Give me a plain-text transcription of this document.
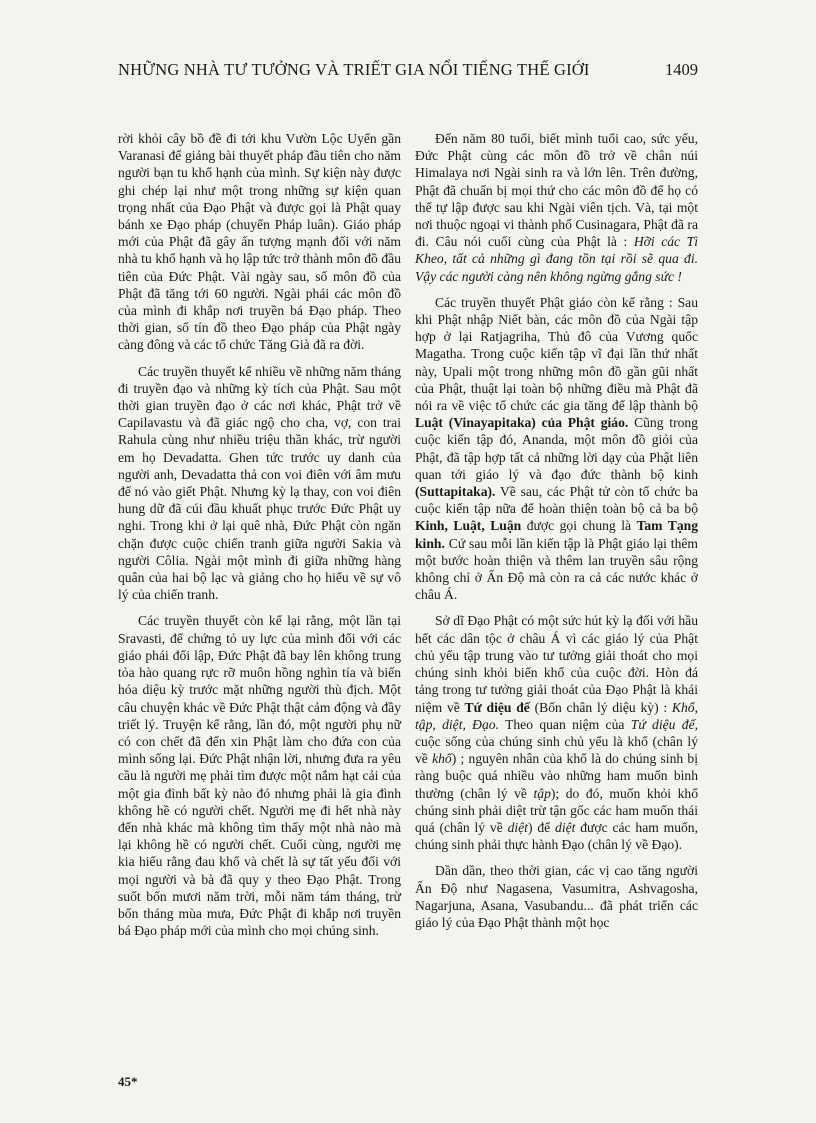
NHỮNG NHÀ TƯ TƯỞNG VÀ TRIẾT GIA NỔI TIẾNG THẾ GIỚI	1409

rời khỏi cây bồ đề đi tới khu Vườn Lộc Uyển gần Varanasi để giảng bài thuyết pháp đầu tiên cho năm người bạn tu khổ hạnh của mình. Sự kiện này được ghi chép lại như một trong những sự kiện quan trọng nhất của Đạo Phật và được gọi là Phật quay bánh xe Đạo pháp (chuyển Pháp luân). Giáo pháp mới của Phật đã gây ấn tượng mạnh đối với năm nhà tu khổ hạnh và họ lập tức trở thành môn đồ đầu tiên của Đức Phật. Vài ngày sau, số môn đồ của Phật đã tăng tới 60 người. Ngài phái các môn đồ của mình đi khắp nơi truyền bá Đạo pháp. Theo thời gian, số tín đồ theo Đạo pháp của Phật ngày càng đông và các tổ chức Tăng Già đã ra đời.

Các truyền thuyết kể nhiều về những năm tháng đi truyền đạo và những kỳ tích của Phật. Sau một thời gian truyền đạo ở các nơi khác, Phật trở về Capilavastu và đã giác ngộ cho cha, vợ, con trai Rahula cùng như nhiều triệu thần khác, trừ người em họ Devadatta. Ghen tức trước uy danh của người anh, Devadatta thả con voi điên với âm mưu để nó vào giết Phật. Nhưng kỳ lạ thay, con voi điên hung dữ đã cúi đầu khuất phục trước Đức Phật uy nghi. Trong khi ở lại quê nhà, Đức Phật còn ngăn chặn được cuộc chiến tranh giữa người Sakia và người Côlia. Ngài một mình đi giữa những hàng quân của hai bộ lạc và giảng cho họ hiểu về sự vô lý của chiến tranh.

Các truyền thuyết còn kể lại rằng, một lần tại Sravasti, để chứng tỏ uy lực của mình đối với các giáo phái đối lập, Đức Phật đã bay lên không trung tỏa hào quang rực rỡ muôn hồng nghìn tía và biến hóa diệu kỳ trước mặt những người thù địch. Một câu chuyện khác về Đức Phật thật cảm động và đầy triết lý. Truyện kể rằng, lần đó, một người phụ nữ có con chết đã đến xin Phật làm cho đứa con của mình sống lại. Đức Phật nhận lời, nhưng đưa ra yêu cầu là người mẹ phải tìm được một nắm hạt cải của một gia đình bất kỳ nào đó nhưng phải là gia đình không hề có người chết. Người mẹ đi hết nhà này đến nhà khác mà không tìm thấy một nhà nào mà lại không hề có người chết. Cuối cùng, người mẹ kia hiểu rằng đau khổ và chết là sự tất yếu đối với mọi người và bà đã quy y theo Đạo Phật. Trong suốt bốn mươi năm trời, mỗi năm tám tháng, trừ bốn tháng mùa mưa, Đức Phật đi khắp nơi truyền bá Đạo pháp mới của mình cho mọi chúng sinh.

Đến năm 80 tuổi, biết mình tuổi cao, sức yếu, Đức Phật cùng các môn đồ trở về chân núi Himalaya nơi Ngài sinh ra và lớn lên. Trên đường, Phật đã chuẩn bị mọi thứ cho các môn đồ để họ có thể tự lập được sau khi Ngài viên tịch. Và, tại một nơi thuộc ngoại vi thành phố Cusinagara, Phật đã ra đi. Câu nói cuối cùng của Phật là : Hỡi các Tì Kheo, tất cả những gì đang tồn tại rồi sẽ qua đi. Vậy các người càng nên không ngừng gắng sức !

Các truyền thuyết Phật giáo còn kể rằng : Sau khi Phật nhập Niết bàn, các môn đồ của Ngài tập hợp ở lại Ratjagriha, Thủ đô của Vương quốc Magatha. Trong cuộc kiến tập vĩ đại lần thứ nhất này, Upali một trong những môn đồ gần gũi nhất của Phật, thuật lại toàn bộ những điều mà Phật đã nói ra về việc tổ chức các gia tăng để lập thành bộ Luật (Vinayapitaka) của Phật giáo. Cũng trong cuộc kiến tập đó, Ananda, một môn đồ giỏi của Phật, đã tập hợp tất cả những lời dạy của Phật liên quan tới giáo lý và đạo đức thành bộ kinh (Suttapitaka). Về sau, các Phật tử còn tổ chức ba cuộc kiến tập nữa để hoàn thiện toàn bộ cả ba bộ Kinh, Luật, Luận được gọi chung là Tam Tạng kinh. Cứ sau mỗi lần kiến tập là Phật giáo lại thêm một bước hoàn thiện và thêm lan truyền sâu rộng không chỉ ở Ấn Độ mà còn ra cả các nước khác ở châu Á.

Sở dĩ Đạo Phật có một sức hút kỳ lạ đối với hầu hết các dân tộc ở châu Á vì các giáo lý của Phật chủ yếu tập trung vào tư tưởng giải thoát cho mọi chúng sinh khỏi biển khổ của cuộc đời. Hòn đá tảng trong tư tưởng giải thoát của Đạo Phật là khái niệm về Tứ diệu đế (Bốn chân lý diệu kỳ) : Khổ, tập, diệt, Đạo. Theo quan niệm của Tứ diệu đế, cuộc sống của chúng sinh chủ yếu là khổ (chân lý về khổ) ; nguyên nhân của khổ là do chúng sinh bị ràng buộc quá nhiều vào những ham muốn bình thường (chân lý về tập); do đó, muốn khỏi khổ chúng sinh phải diệt trừ tận gốc các ham muốn thái quá (chân lý về diệt) để diệt được các ham muốn, chúng sinh phải thực hành Đạo (chân lý về Đạo).

Dần dần, theo thời gian, các vị cao tăng người Ấn Độ như Nagasena, Vasumitra, Ashvagosha, Nagarjuna, Asana, Vasubandu... đã phát triển các giáo lý của Đạo Phật thành một học

45*
